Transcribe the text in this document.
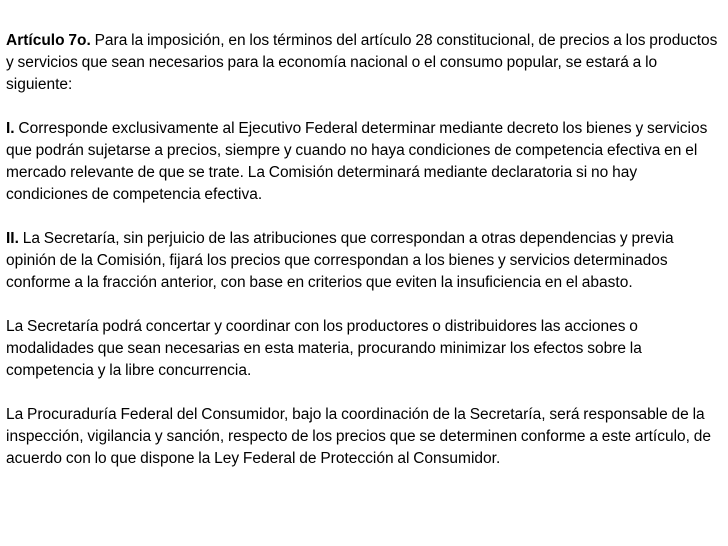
Artículo 7o. Para la imposición, en los términos del artículo 28 constitucional, de precios a los productos y servicios que sean necesarios para la economía nacional o el consumo popular, se estará a lo siguiente:

I. Corresponde exclusivamente al Ejecutivo Federal determinar mediante decreto los bienes y servicios que podrán sujetarse a precios, siempre y cuando no haya condiciones de competencia efectiva en el mercado relevante de que se trate. La Comisión determinará mediante declaratoria si no hay condiciones de competencia efectiva.

II. La Secretaría, sin perjuicio de las atribuciones que correspondan a otras dependencias y previa opinión de la Comisión, fijará los precios que correspondan a los bienes y servicios determinados conforme a la fracción anterior, con base en criterios que eviten la insuficiencia en el abasto.

La Secretaría podrá concertar y coordinar con los productores o distribuidores las acciones o modalidades que sean necesarias en esta materia, procurando minimizar los efectos sobre la competencia y la libre concurrencia.

La Procuraduría Federal del Consumidor, bajo la coordinación de la Secretaría, será responsable de la inspección, vigilancia y sanción, respecto de los precios que se determinen conforme a este artículo, de acuerdo con lo que dispone la Ley Federal de Protección al Consumidor.
